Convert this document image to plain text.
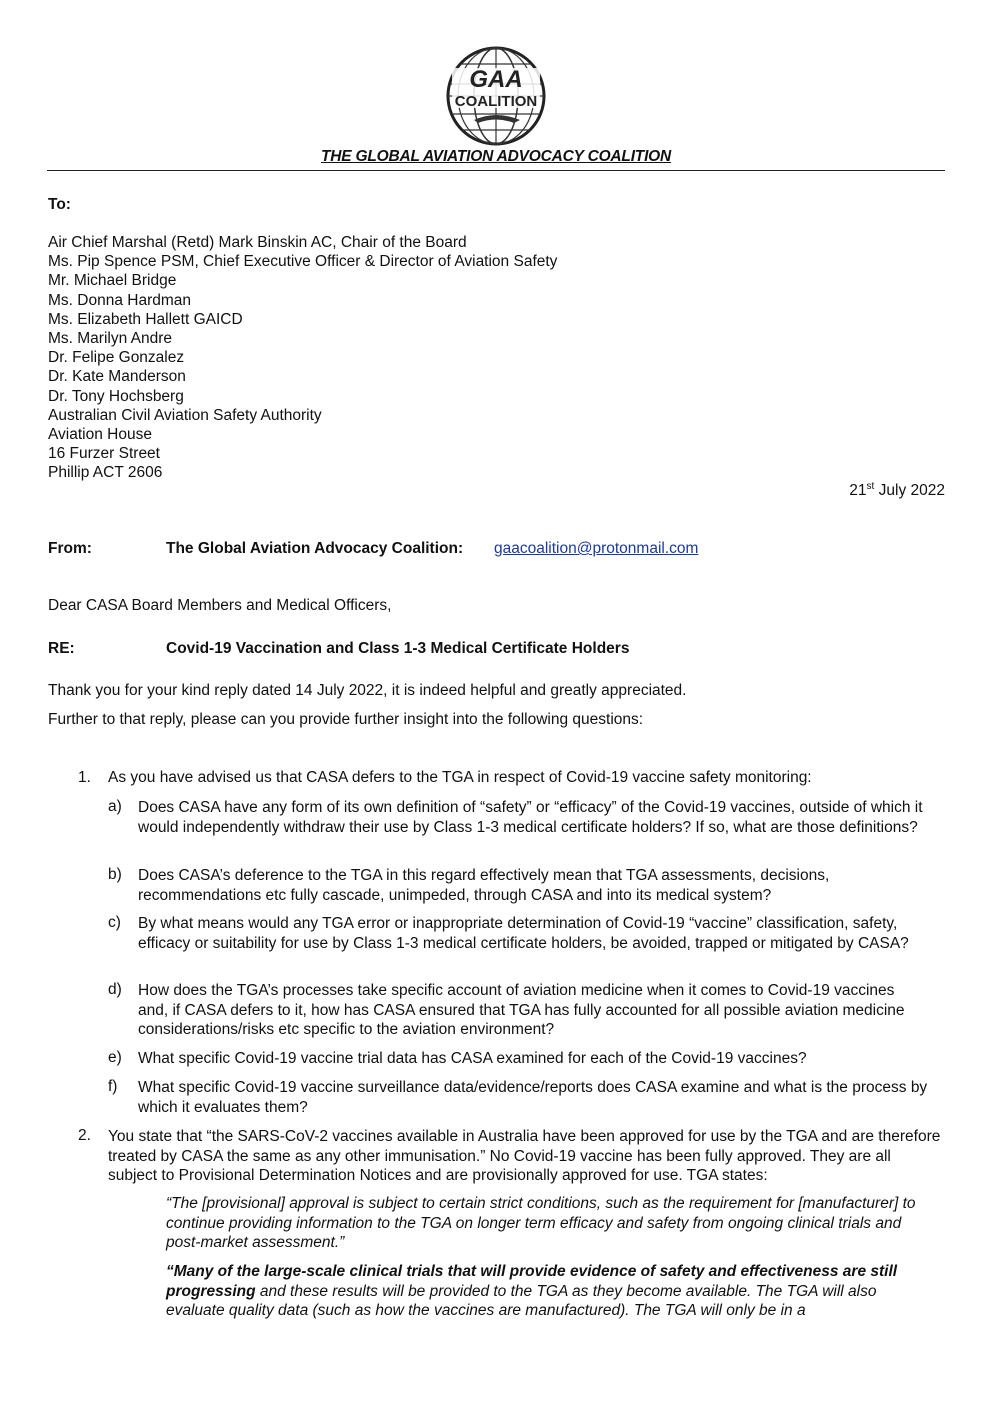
GAA
COALITION
THE GLOBAL AVIATION ADVOCACY COALITION
To:
Air Chief Marshal (Retd) Mark Binskin AC, Chair of the Board
Ms. Pip Spence PSM, Chief Executive Officer & Director of Aviation Safety
Mr. Michael Bridge
Ms. Donna Hardman
Ms. Elizabeth Hallett GAICD
Ms. Marilyn Andre
Dr. Felipe Gonzalez
Dr. Kate Manderson
Dr. Tony Hochsberg
Australian Civil Aviation Safety Authority
Aviation House
16 Furzer Street
Phillip ACT 2606
21st July 2022
From:	The Global Aviation Advocacy Coalition: gaacoalition@protonmail.com
Dear CASA Board Members and Medical Officers,
RE:	Covid-19 Vaccination and Class 1-3 Medical Certificate Holders
Thank you for your kind reply dated 14 July 2022, it is indeed helpful and greatly appreciated.
Further to that reply, please can you provide further insight into the following questions:
1. As you have advised us that CASA defers to the TGA in respect of Covid-19 vaccine safety monitoring:
a) Does CASA have any form of its own definition of “safety” or “efficacy” of the Covid-19 vaccines, outside of which it would independently withdraw their use by Class 1-3 medical certificate holders? If so, what are those definitions?
b) Does CASA’s deference to the TGA in this regard effectively mean that TGA assessments, decisions, recommendations etc fully cascade, unimpeded, through CASA and into its medical system?
c) By what means would any TGA error or inappropriate determination of Covid-19 “vaccine” classification, safety, efficacy or suitability for use by Class 1-3 medical certificate holders, be avoided, trapped or mitigated by CASA?
d) How does the TGA’s processes take specific account of aviation medicine when it comes to Covid-19 vaccines and, if CASA defers to it, how has CASA ensured that TGA has fully accounted for all possible aviation medicine considerations/risks etc specific to the aviation environment?
e) What specific Covid-19 vaccine trial data has CASA examined for each of the Covid-19 vaccines?
f) What specific Covid-19 vaccine surveillance data/evidence/reports does CASA examine and what is the process by which it evaluates them?
2. You state that “the SARS-CoV-2 vaccines available in Australia have been approved for use by the TGA and are therefore treated by CASA the same as any other immunisation.” No Covid-19 vaccine has been fully approved. They are all subject to Provisional Determination Notices and are provisionally approved for use. TGA states:
“The [provisional] approval is subject to certain strict conditions, such as the requirement for [manufacturer] to continue providing information to the TGA on longer term efficacy and safety from ongoing clinical trials and post-market assessment.”
“Many of the large-scale clinical trials that will provide evidence of safety and effectiveness are still progressing and these results will be provided to the TGA as they become available. The TGA will also evaluate quality data (such as how the vaccines are manufactured). The TGA will only be in a
